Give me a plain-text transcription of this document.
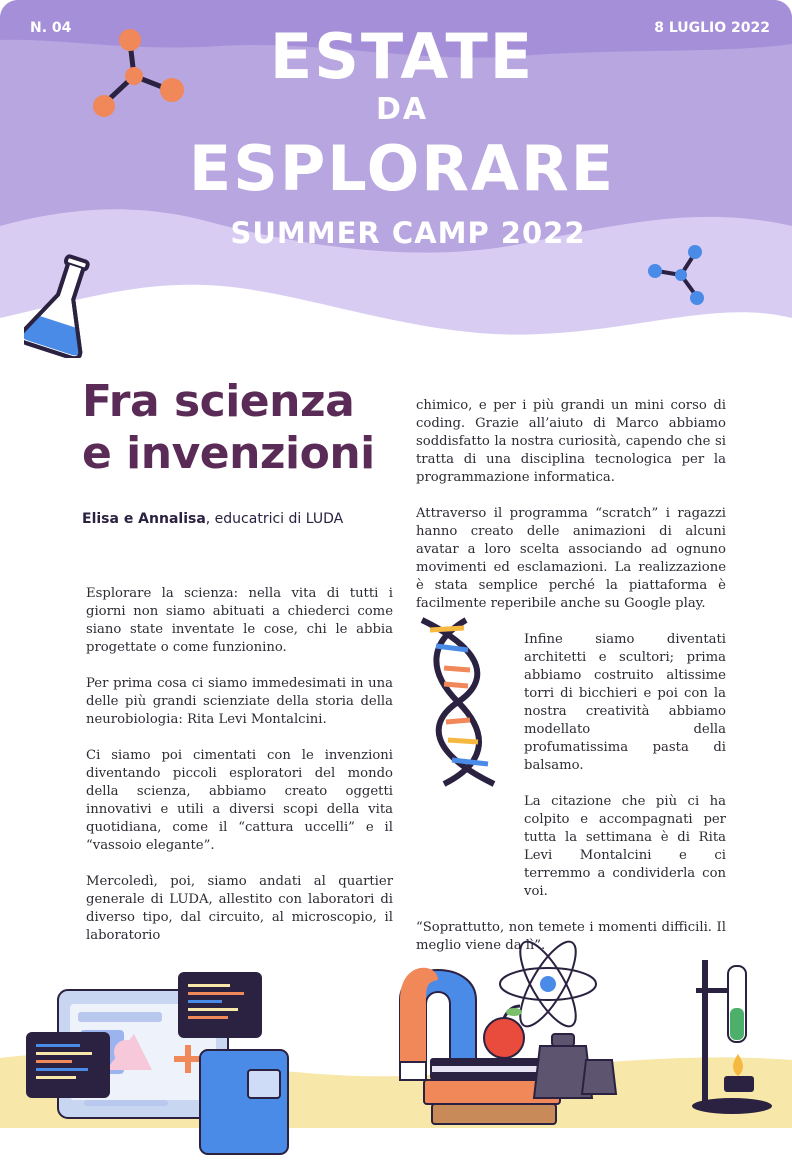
N. 04	8 LUGLIO 2022
ESTATE
DA
ESPLORARE
SUMMER CAMP 2022
Fra scienza
e invenzioni
Elisa e Annalisa, educatrici di LUDA

Esplorare la scienza: nella vita di tutti i giorni non siamo abituati a chiederci come siano state inventate le cose, chi le abbia progettate o come funzionino.

Per prima cosa ci siamo immedesimati in una delle più grandi scienziate della storia della neurobiologia: Rita Levi Montalcini.

Ci siamo poi cimentati con le invenzioni diventando piccoli esploratori del mondo della scienza, abbiamo creato oggetti innovativi e utili a diversi scopi della vita quotidiana, come il “cattura uccelli” e il “vassoio elegante”.

Mercoledì, poi, siamo andati al quartier generale di LUDA, allestito con laboratori di diverso tipo, dal circuito, al microscopio, il laboratorio

chimico, e per i più grandi un mini corso di coding. Grazie all’aiuto di Marco abbiamo soddisfatto la nostra curiosità, capendo che si tratta di una disciplina tecnologica per la programmazione informatica.

Attraverso il programma “scratch” i ragazzi hanno creato delle animazioni di alcuni avatar a loro scelta associando ad ognuno movimenti ed esclamazioni. La realizzazione è stata semplice perché la piattaforma è facilmente reperibile anche su Google play.

Infine siamo diventati architetti e scultori; prima abbiamo costruito altissime torri di bicchieri e poi con la nostra creatività abbiamo modellato della profumatissima pasta di balsamo.

La citazione che più ci ha colpito e accompagnati per tutta la settimana è di Rita Levi Montalcini e ci terremmo a condividerla con voi.

“Soprattutto, non temete i momenti difficili. Il meglio viene da lì”.
